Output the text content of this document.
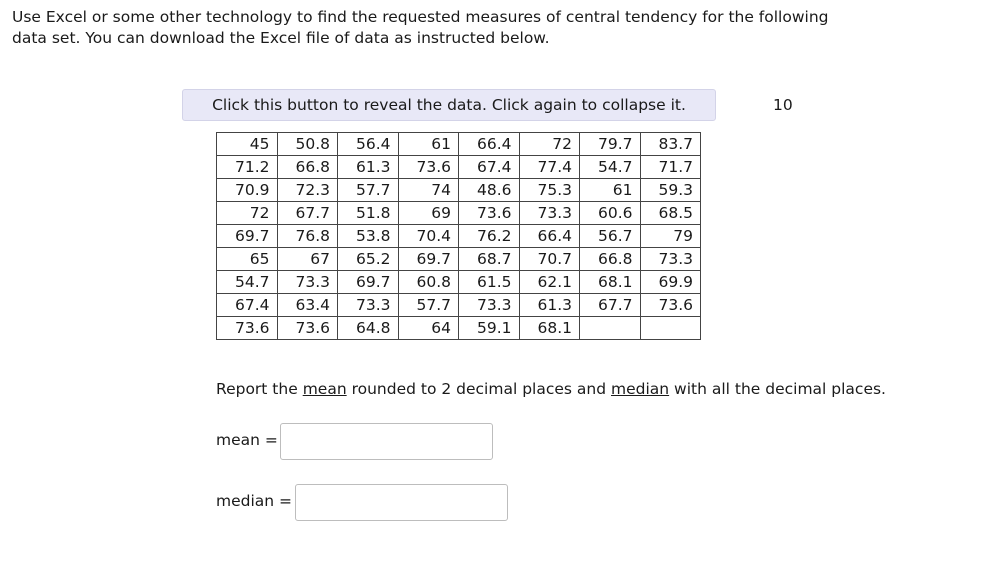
Use Excel or some other technology to find the requested measures of central tendency for the following
data set. You can download the Excel file of data as instructed below.

Click this button to reveal the data. Click again to collapse it.	10
45	50.8	56.4	61	66.4	72	79.7	83.7
71.2	66.8	61.3	73.6	67.4	77.4	54.7	71.7
70.9	72.3	57.7	74	48.6	75.3	61	59.3
72	67.7	51.8	69	73.6	73.3	60.6	68.5
69.7	76.8	53.8	70.4	76.2	66.4	56.7	79
65	67	65.2	69.7	68.7	70.7	66.8	73.3
54.7	73.3	69.7	60.8	61.5	62.1	68.1	69.9
67.4	63.4	73.3	57.7	73.3	61.3	67.7	73.6
73.6	73.6	64.8	64	59.1	68.1		

Report the mean rounded to 2 decimal places and median with all the decimal places.

mean =
median =
